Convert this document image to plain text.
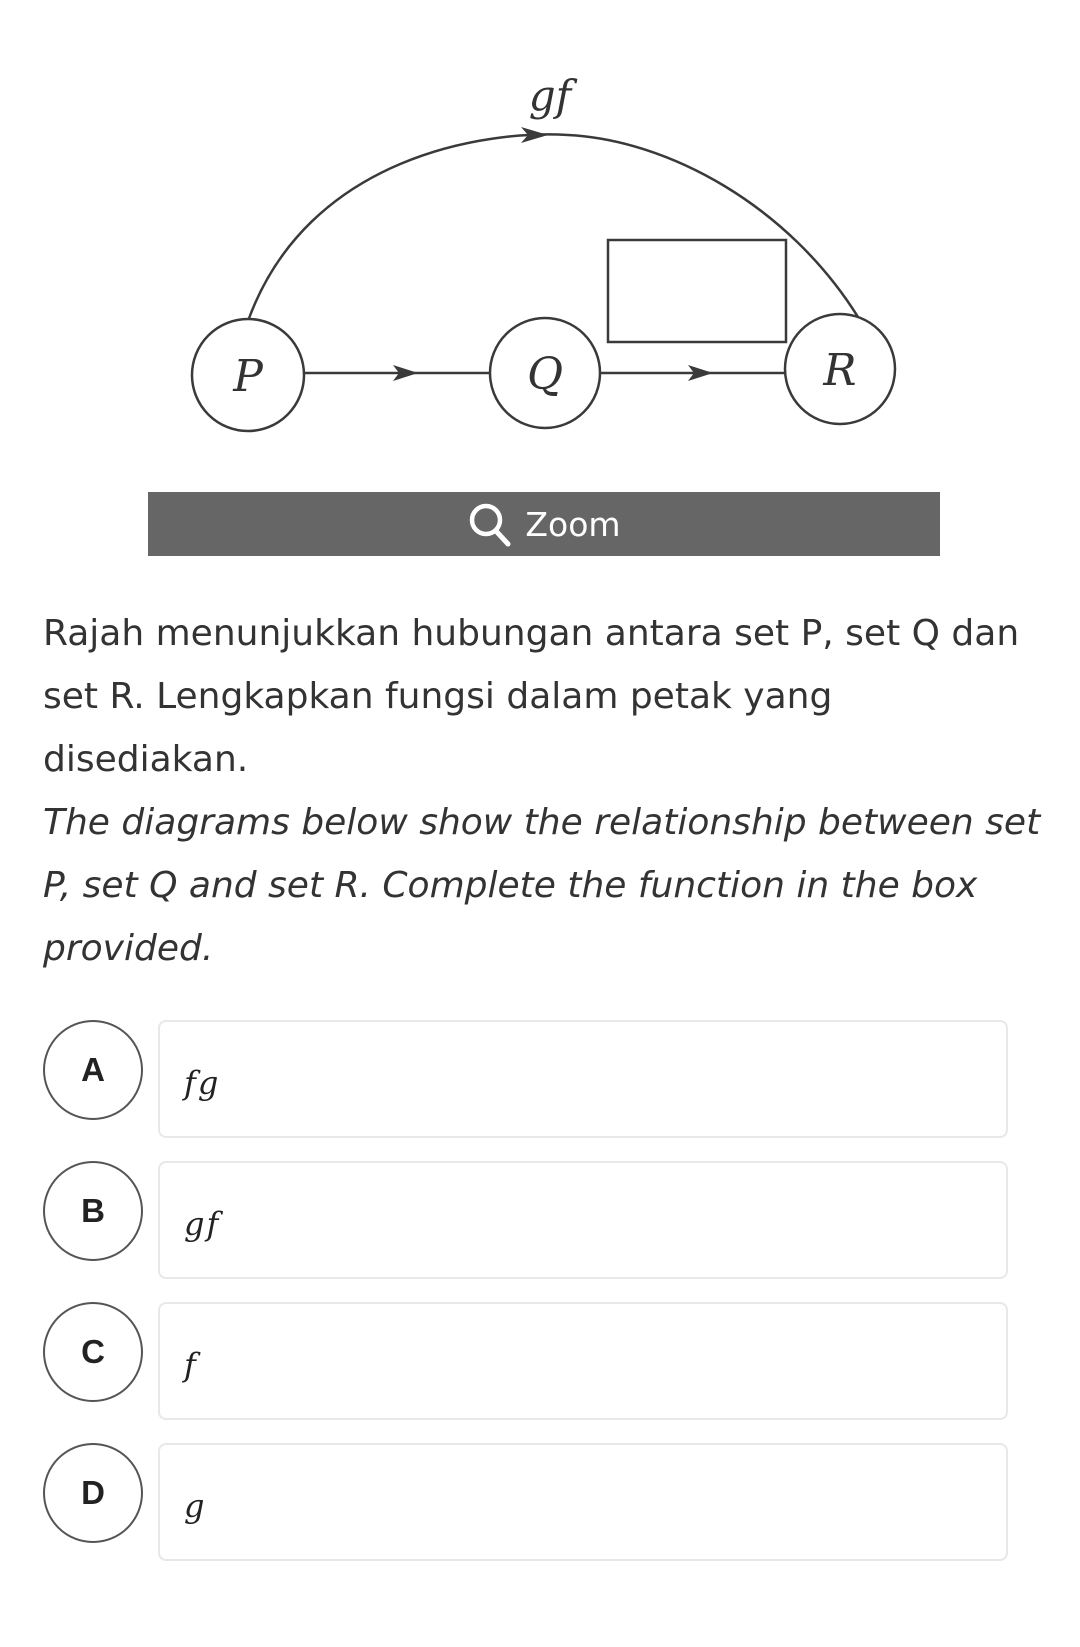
gf
P	Q	R
Zoom

Rajah menunjukkan hubungan antara set P, set Q dan set R. Lengkapkan fungsi dalam petak yang disediakan.

The diagrams below show the relationship between set P, set Q and set R. Complete the function in the box provided.

A	fg
B	gf
C	f
D	g
